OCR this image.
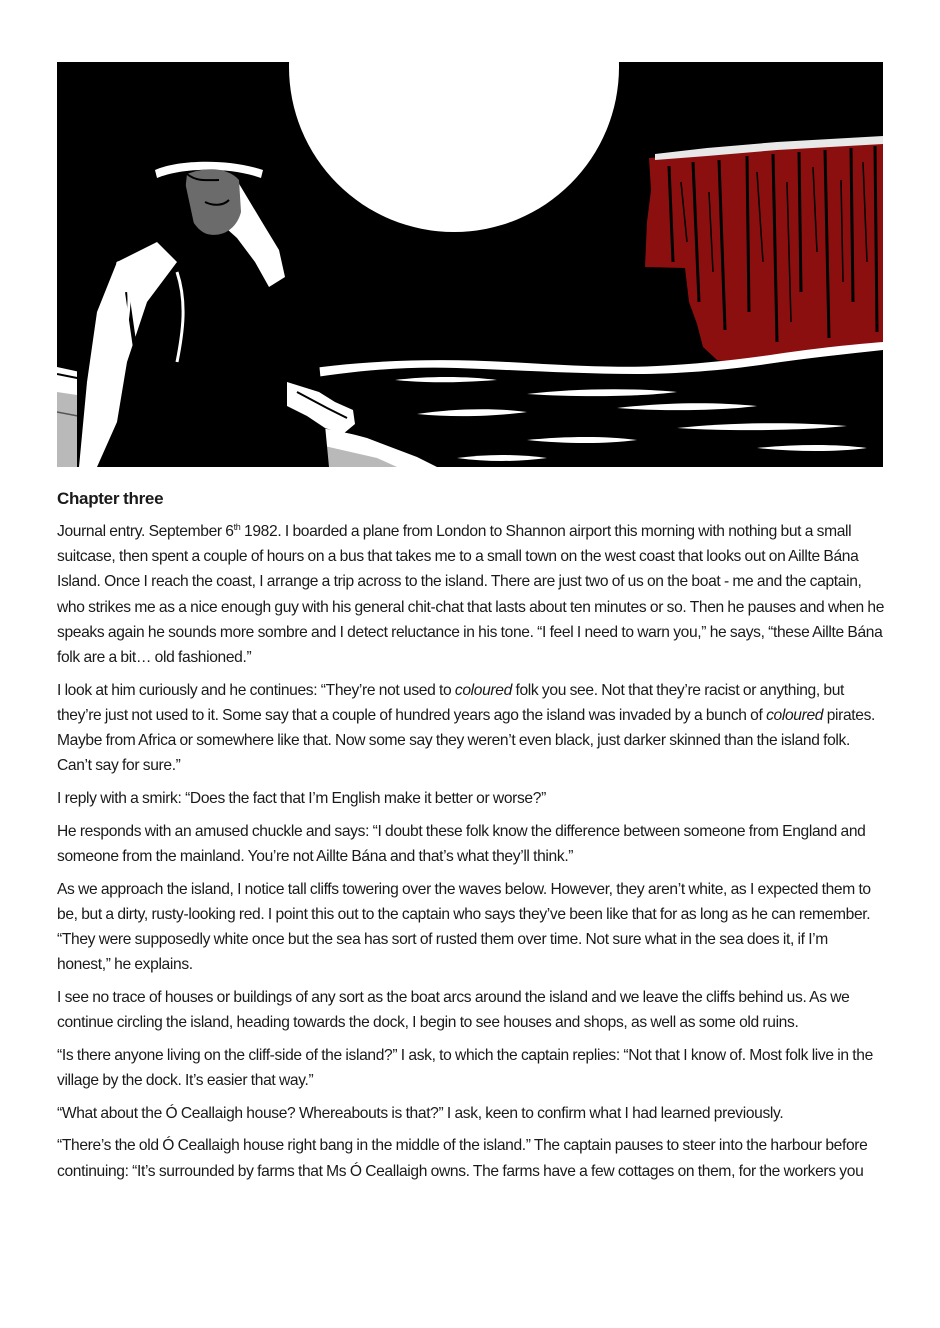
Chapter three

Journal entry. September 6th 1982. I boarded a plane from London to Shannon airport this morning with nothing but a small suitcase, then spent a couple of hours on a bus that takes me to a small town on the west coast that looks out on Aillte Bána Island. Once I reach the coast, I arrange a trip across to the island. There are just two of us on the boat - me and the captain, who strikes me as a nice enough guy with his general chit-chat that lasts about ten minutes or so. Then he pauses and when he speaks again he sounds more sombre and I detect reluctance in his tone. “I feel I need to warn you,” he says, “these Aillte Bána folk are a bit… old fashioned.”

I look at him curiously and he continues: “They’re not used to coloured folk you see. Not that they’re racist or anything, but they’re just not used to it. Some say that a couple of hundred years ago the island was invaded by a bunch of coloured pirates. Maybe from Africa or somewhere like that. Now some say they weren’t even black, just darker skinned than the island folk. Can’t say for sure.”

I reply with a smirk: “Does the fact that I’m English make it better or worse?”

He responds with an amused chuckle and says: “I doubt these folk know the difference between someone from England and someone from the mainland. You’re not Aillte Bána and that’s what they’ll think.”

As we approach the island, I notice tall cliffs towering over the waves below. However, they aren’t white, as I expected them to be, but a dirty, rusty-looking red. I point this out to the captain who says they’ve been like that for as long as he can remember. “They were supposedly white once but the sea has sort of rusted them over time. Not sure what in the sea does it, if I’m honest,” he explains.

I see no trace of houses or buildings of any sort as the boat arcs around the island and we leave the cliffs behind us. As we continue circling the island, heading towards the dock, I begin to see houses and shops, as well as some old ruins.

“Is there anyone living on the cliff-side of the island?” I ask, to which the captain replies: “Not that I know of. Most folk live in the village by the dock. It’s easier that way.”

“What about the Ó Ceallaigh house? Whereabouts is that?” I ask, keen to confirm what I had learned previously.

“There’s the old Ó Ceallaigh house right bang in the middle of the island.” The captain pauses to steer into the harbour before continuing: “It’s surrounded by farms that Ms Ó Ceallaigh owns. The farms have a few cottages on them, for the workers you
